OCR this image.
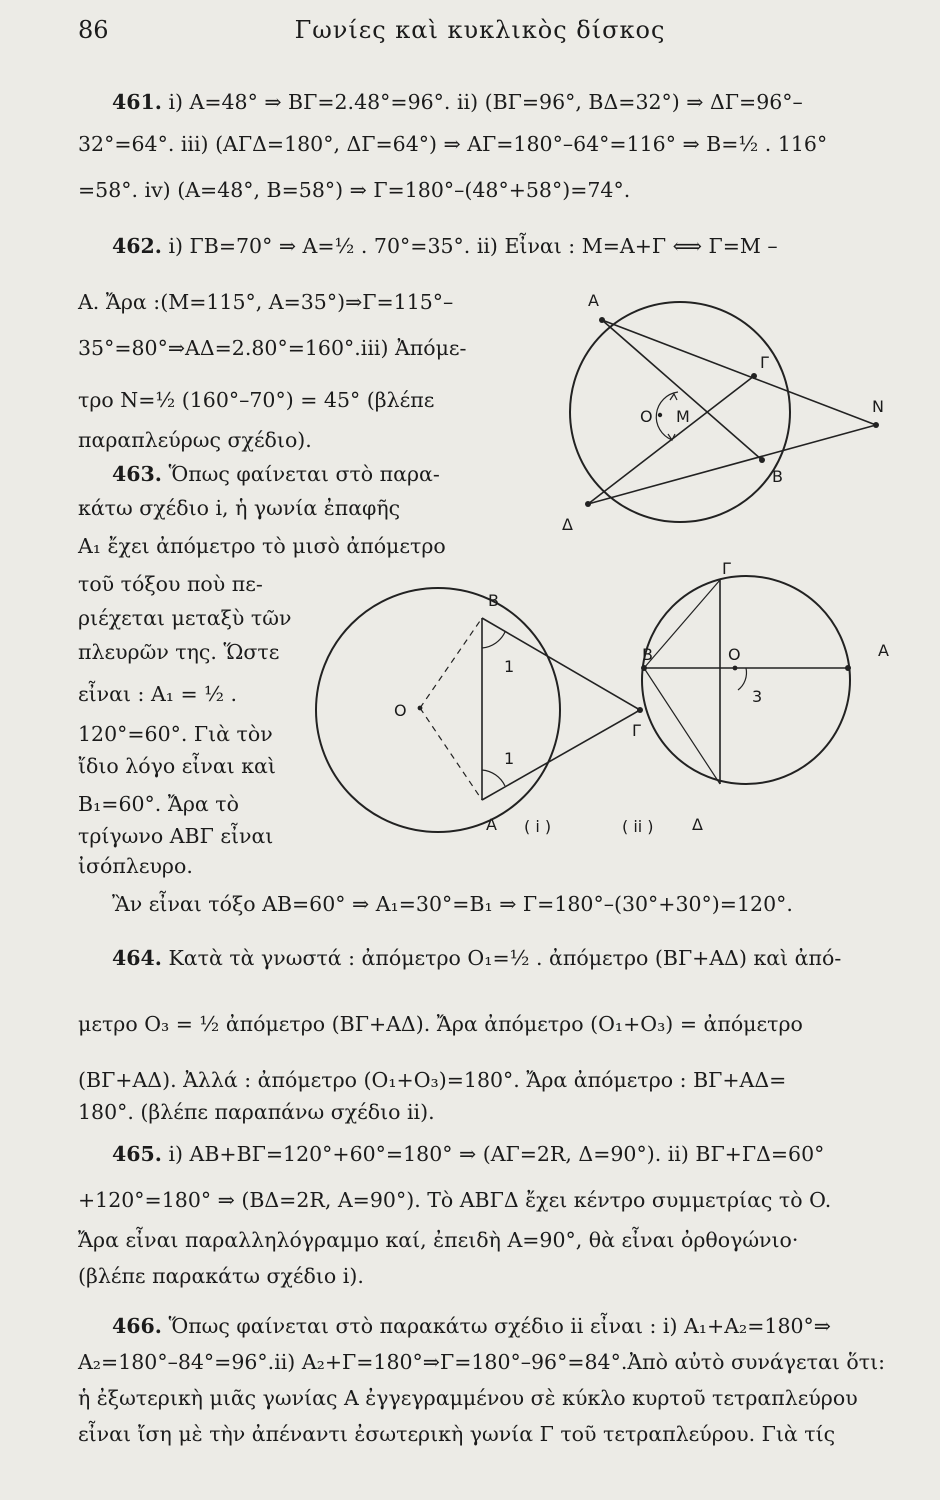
86	Γωνίες καὶ κυκλικὸς δίσκος
461. i) A=48° ⇒ ΒΓ=2.48°=96°. ii) (ΒΓ=96°, ΒΔ=32°) ⇒ ΔΓ=96°–
32°=64°. iii) (ΑΓΔ=180°, ΔΓ=64°) ⇒ ΑΓ=180°–64°=116° ⇒ B=½ . 116°
=58°. iv) (A=48°, B=58°) ⇒ Γ=180°–(48°+58°)=74°.
462. i) ΓΒ=70° ⇒ A=½ . 70°=35°. ii) Εἶναι : M=A+Γ ⟺ Γ=M –
A. Ἄρα :(M=115°, A=35°)⇒Γ=115°–
35°=80°⇒ΑΔ=2.80°=160°.iii) Ἀπόμε-
τρο N=½ (160°–70°) = 45° (βλέπε
παραπλεύρως σχέδιο).
463. Ὅπως φαίνεται στὸ παρα-
κάτω σχέδιο i, ἡ γωνία ἐπαφῆς
A₁ ἔχει ἀπόμετρο τὸ μισὸ ἀπόμετρο
τοῦ τόξου ποὺ πε-
ριέχεται μεταξὺ τῶν
πλευρῶν της. Ὥστε
εἶναι : A₁ = ½ .
120°=60°. Γιὰ τὸν
ἴδιο λόγο εἶναι καὶ
B₁=60°. Ἄρα τὸ
τρίγωνο ΑΒΓ εἶναι
ἰσόπλευρο.
Ἂν εἶναι τόξο AB=60° ⇒ A₁=30°=B₁ ⇒ Γ=180°–(30°+30°)=120°.
464. Κατὰ τὰ γνωστά : ἀπόμετρο O₁=½ . ἀπόμετρο (ΒΓ+ΑΔ) καὶ ἀπό-
μετρο O₃ = ½ ἀπόμετρο (ΒΓ+ΑΔ). Ἄρα ἀπόμετρο (O₁+O₃) = ἀπόμετρο
(ΒΓ+ΑΔ). Ἀλλά : ἀπόμετρο (O₁+O₃)=180°. Ἄρα ἀπόμετρο : ΒΓ+ΑΔ=
180°. (βλέπε παραπάνω σχέδιο ii).
465. i) AB+ΒΓ=120°+60°=180° ⇒ (ΑΓ=2R, Δ=90°). ii) ΒΓ+ΓΔ=60°
+120°=180° ⇒ (ΒΔ=2R, A=90°). Τὸ ΑΒΓΔ ἔχει κέντρο συμμετρίας τὸ O.
Ἄρα εἶναι παραλληλόγραμμο καί, ἐπειδὴ A=90°, θὰ εἶναι ὀρθογώνιο·
(βλέπε παρακάτω σχέδιο i).
466. Ὅπως φαίνεται στὸ παρακάτω σχέδιο ii εἶναι : i) A₁+A₂=180°⇒
A₂=180°–84°=96°.ii) A₂+Γ=180°⇒Γ=180°–96°=84°.Ἀπὸ αὐτὸ συνάγεται ὅτι:
ἡ ἐξωτερικὴ μιᾶς γωνίας A ἐγγεγραμμένου σὲ κύκλο κυρτοῦ τετραπλεύρου
εἶναι ἴση μὲ τὴν ἀπέναντι ἐσωτερικὴ γωνία Γ τοῦ τετραπλεύρου. Γιὰ τίς
Α
Γ
Ο Μ
Ν
Β
Δ
Β
Ο
1
1
Α
Γ
( i )
Γ
Β	Ο	Α
3
Δ
( ii )
